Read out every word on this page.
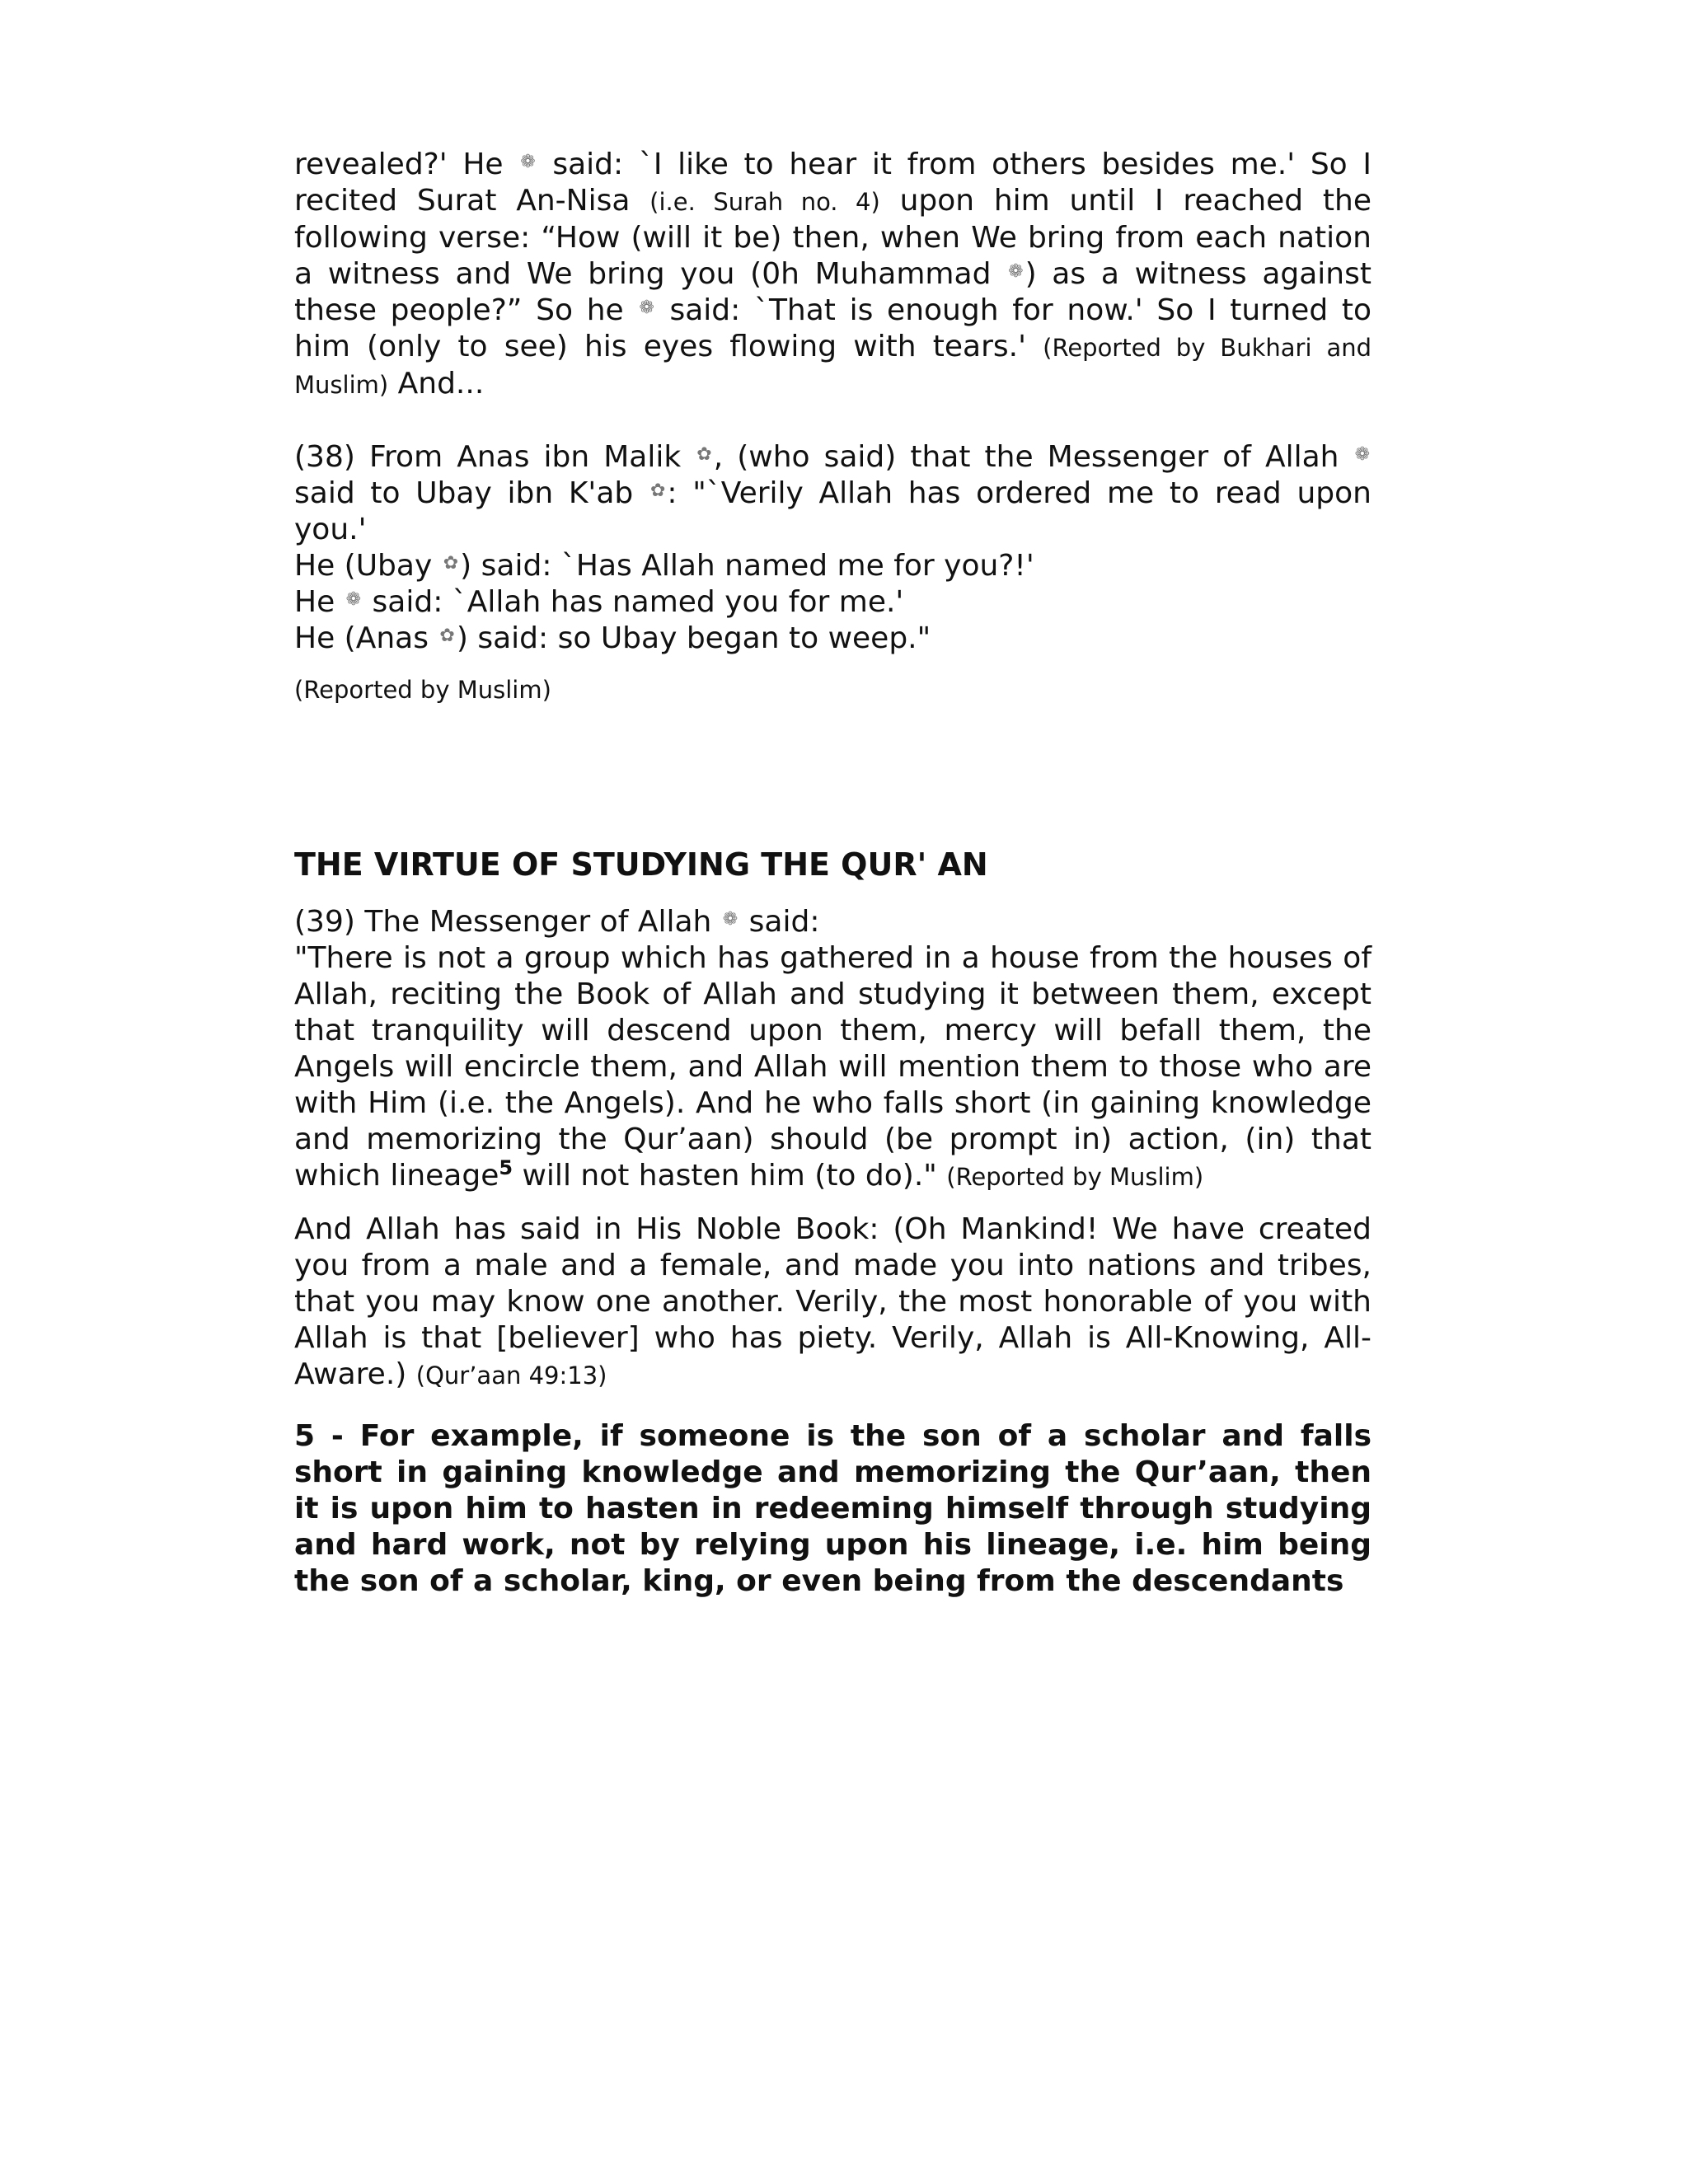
revealed?' He ❁ said: `I like to hear it from others besides me.' So I recited Surat An-Nisa (i.e. Surah no. 4) upon him until I reached the following verse: “How (will it be) then, when We bring from each nation a witness and We bring you (0h Muhammad ❁) as a witness against these people?” So he ❁ said: `That is enough for now.' So I turned to him (only to see) his eyes flowing with tears.' (Reported by Bukhari and Muslim) And...

(38) From Anas ibn Malik ✿, (who said) that the Messenger of Allah ❁ said to Ubay ibn K'ab ✿: "`Verily Allah has ordered me to read upon you.'

He (Ubay ✿) said: `Has Allah named me for you?!'

He ❁ said: `Allah has named you for me.'

He (Anas ✿) said: so Ubay began to weep."

(Reported by Muslim)

THE VIRTUE OF STUDYING THE QUR' AN

(39) The Messenger of Allah ❁ said:

"There is not a group which has gathered in a house from the houses of Allah, reciting the Book of Allah and studying it between them, except that tranquility will descend upon them, mercy will befall them, the Angels will encircle them, and Allah will mention them to those who are with Him (i.e. the Angels). And he who falls short (in gaining knowledge and memorizing the Qur’aan) should (be prompt in) action, (in) that which lineage$^5$ will not hasten him (to do)." (Reported by Muslim)

And Allah has said in His Noble Book: (Oh Mankind! We have created you from a male and a female, and made you into nations and tribes, that you may know one another. Verily, the most honorable of you with Allah is that [believer] who has piety. Verily, Allah is All-Knowing, All-Aware.) (Qur’aan 49:13)

5 - For example, if someone is the son of a scholar and falls short in gaining knowledge and memorizing the Qur’aan, then it is upon him to hasten in redeeming himself through studying and hard work, not by relying upon his lineage, i.e. him being the son of a scholar, king, or even being from the descendants
